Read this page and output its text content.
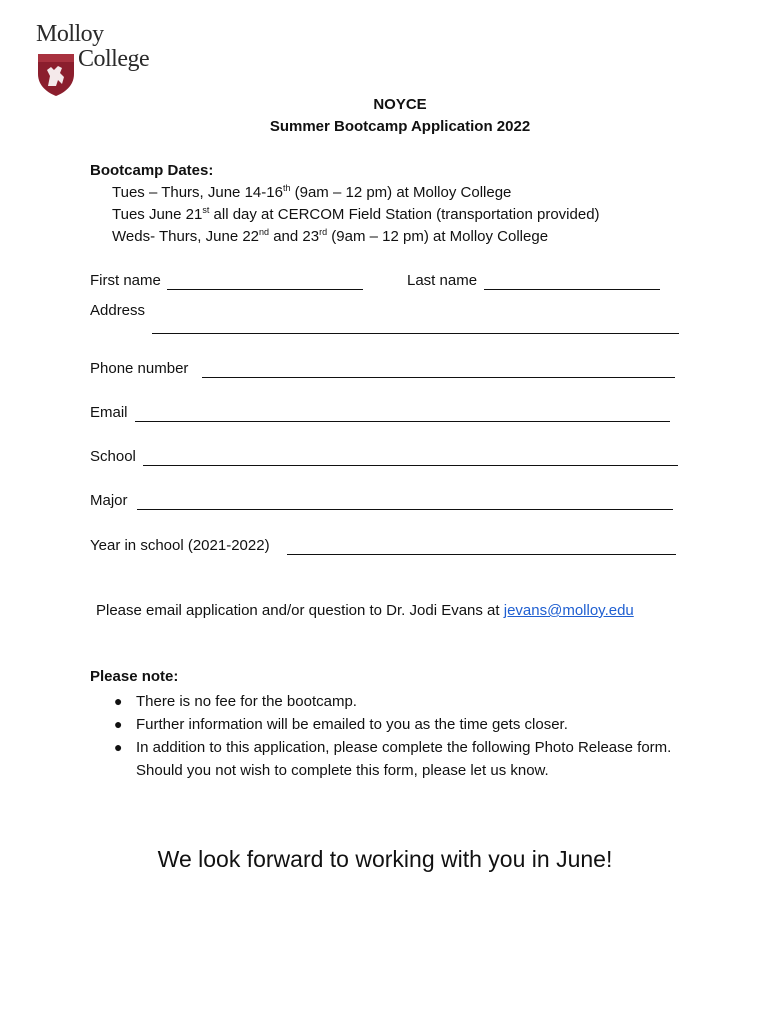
Molloy
College
NOYCE
Summer Bootcamp Application 2022
Bootcamp Dates:
Tues – Thurs, June 14-16th (9am – 12 pm) at Molloy College
Tues June 21st all day at CERCOM Field Station (transportation provided)
Weds- Thurs, June 22nd and 23rd (9am – 12 pm) at Molloy College
First name	Last name
Address
Phone number
Email
School
Major
Year in school (2021-2022)
Please email application and/or question to Dr. Jodi Evans at jevans@molloy.edu
Please note:
● There is no fee for the bootcamp.
● Further information will be emailed to you as the time gets closer.
● In addition to this application, please complete the following Photo Release form. Should you not wish to complete this form, please let us know.
We look forward to working with you in June!
